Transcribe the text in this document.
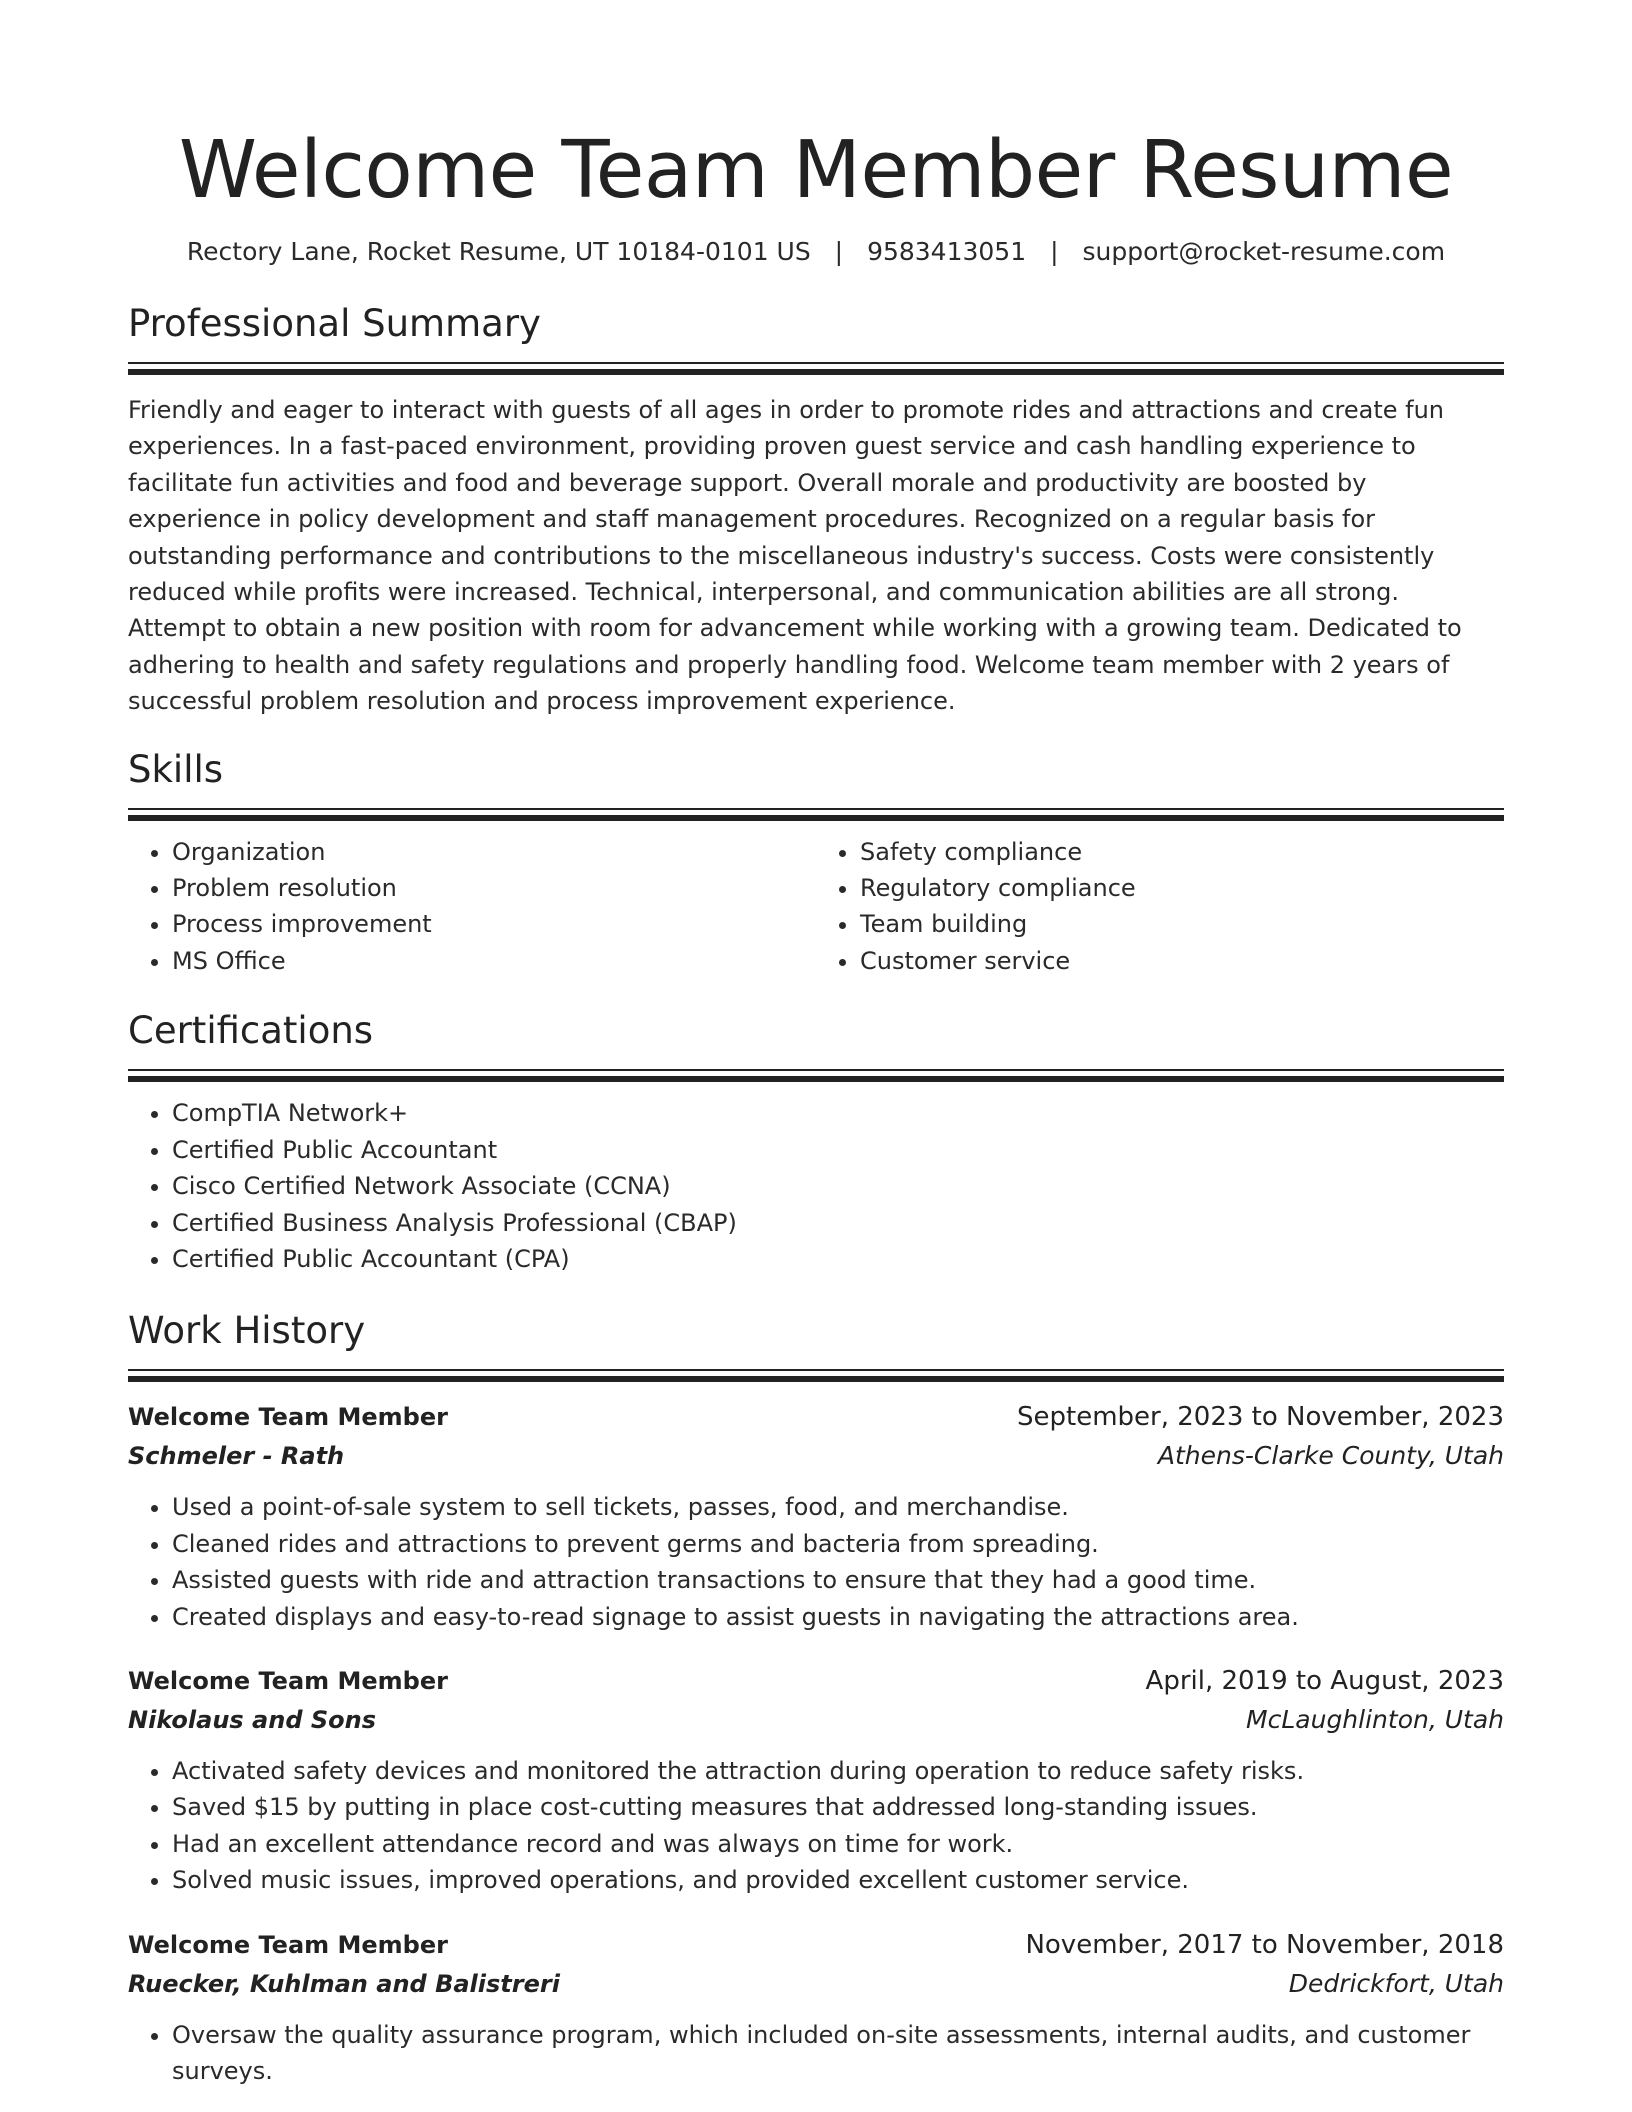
Welcome Team Member Resume
Rectory Lane, Rocket Resume, UT 10184-0101 US | 9583413051 | support@rocket-resume.com
Professional Summary

Friendly and eager to interact with guests of all ages in order to promote rides and attractions and create fun experiences. In a fast-paced environment, providing proven guest service and cash handling experience to facilitate fun activities and food and beverage support. Overall morale and productivity are boosted by experience in policy development and staff management procedures. Recognized on a regular basis for outstanding performance and contributions to the miscellaneous industry's success. Costs were consistently reduced while profits were increased. Technical, interpersonal, and communication abilities are all strong. Attempt to obtain a new position with room for advancement while working with a growing team. Dedicated to adhering to health and safety regulations and properly handling food. Welcome team member with 2 years of successful problem resolution and process improvement experience.

Skills
• Organization
• Problem resolution
• Process improvement
• MS Office
• Safety compliance
• Regulatory compliance
• Team building
• Customer service
Certifications
• CompTIA Network+
• Certified Public Accountant
• Cisco Certified Network Associate (CCNA)
• Certified Business Analysis Professional (CBAP)
• Certified Public Accountant (CPA)
Work History
Welcome Team Member	September, 2023 to November, 2023
Schmeler - Rath	Athens-Clarke County, Utah
• Used a point-of-sale system to sell tickets, passes, food, and merchandise.
• Cleaned rides and attractions to prevent germs and bacteria from spreading.
• Assisted guests with ride and attraction transactions to ensure that they had a good time.
• Created displays and easy-to-read signage to assist guests in navigating the attractions area.
Welcome Team Member	April, 2019 to August, 2023
Nikolaus and Sons	McLaughlinton, Utah
• Activated safety devices and monitored the attraction during operation to reduce safety risks.
• Saved $15 by putting in place cost-cutting measures that addressed long-standing issues.
• Had an excellent attendance record and was always on time for work.
• Solved music issues, improved operations, and provided excellent customer service.
Welcome Team Member	November, 2017 to November, 2018
Ruecker, Kuhlman and Balistreri	Dedrickfort, Utah
• Oversaw the quality assurance program, which included on-site assessments, internal audits, and customer surveys.
